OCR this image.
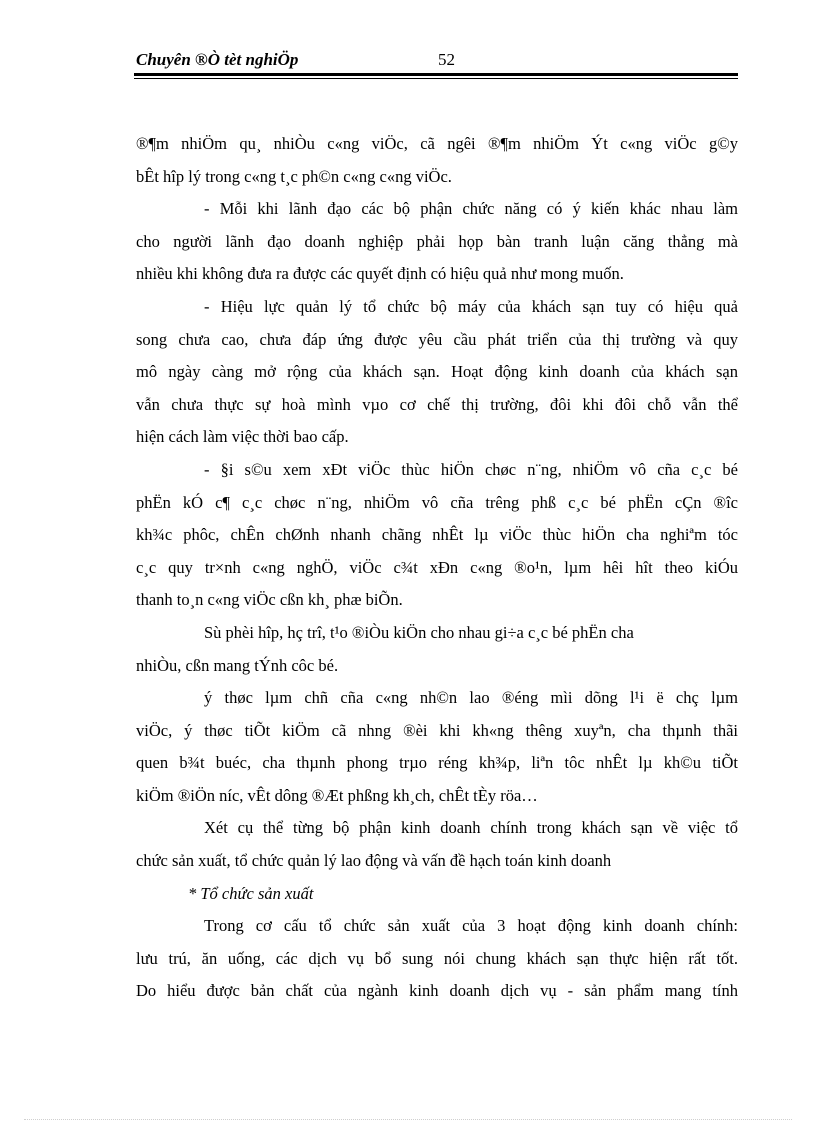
Chuyên ®Ò tèt nghiÖp	52
®¶m nhiÖm qu¸ nhiÒu c«ng viÖc, cã ngêi ®¶m nhiÖm Ýt c«ng viÖc g©y
bÊt hîp lý trong c«ng t¸c ph©n c«ng c«ng viÖc.
- Mỗi khi lãnh đạo các bộ phận chức năng có ý kiến khác nhau làm
cho người lãnh đạo doanh nghiệp phải họp bàn tranh luận căng thẳng mà
nhiều khi không đưa ra được các quyết định có hiệu quả như mong muốn.
- Hiệu lực quản lý tổ chức bộ máy của khách sạn tuy có hiệu quả
song chưa cao, chưa đáp ứng được yêu cầu phát triển của thị trường và quy
mô ngày càng mở rộng của khách sạn. Hoạt động kinh doanh của khách sạn
vẫn chưa thực sự hoà mình vµo cơ chế thị trường, đôi khi đôi chỗ vẫn thể
hiện cách làm việc thời bao cấp.
- §i s©u xem xÐt viÖc thùc hiÖn chøc n¨ng, nhiÖm vô cña c¸c bé
phËn kÓ c¶ c¸c chøc n¨ng, nhiÖm vô cña trêng phß c¸c bé phËn cÇn ®îc
kh¾c phôc, chÊn chØnh nhanh chãng nhÊt lµ viÖc thùc hiÖn cha nghiªm tóc
c¸c quy tr×nh c«ng nghÖ, viÖc c¾t xÐn c«ng ®o¹n, lµm hêi hît theo kiÓu
thanh to¸n c«ng viÖc cßn kh¸ phæ biÕn.
Sù phèi hîp, hç trî, t¹o ®iÒu kiÖn cho nhau gi÷a c¸c bé phËn cha
nhiÒu, cßn mang tÝnh côc bé.
ý thøc lµm chñ cña c«ng nh©n lao ®éng mìi dõng l¹i ë chç lµm
viÖc, ý thøc tiÕt kiÖm cã nhng ®èi khi kh«ng thêng xuyªn, cha thµnh thãi
quen b¾t buéc, cha thµnh phong trµo réng kh¾p, liªn tôc nhÊt lµ kh©u tiÕt
kiÖm ®iÖn níc, vÊt dông ®Æt phßng kh¸ch, chÊt tÈy röa…
Xét cụ thể từng bộ phận kinh doanh chính trong khách sạn về việc tổ
chức sản xuất, tổ chức quản lý lao động và vấn đề hạch toán kinh doanh
* Tổ chức sản xuất
Trong cơ cấu tổ chức sản xuất của 3 hoạt động kinh doanh chính:
lưu trú, ăn uống, các dịch vụ bổ sung nói chung khách sạn thực hiện rất tốt.
Do hiểu được bản chất của ngành kinh doanh dịch vụ - sản phẩm mang tính
